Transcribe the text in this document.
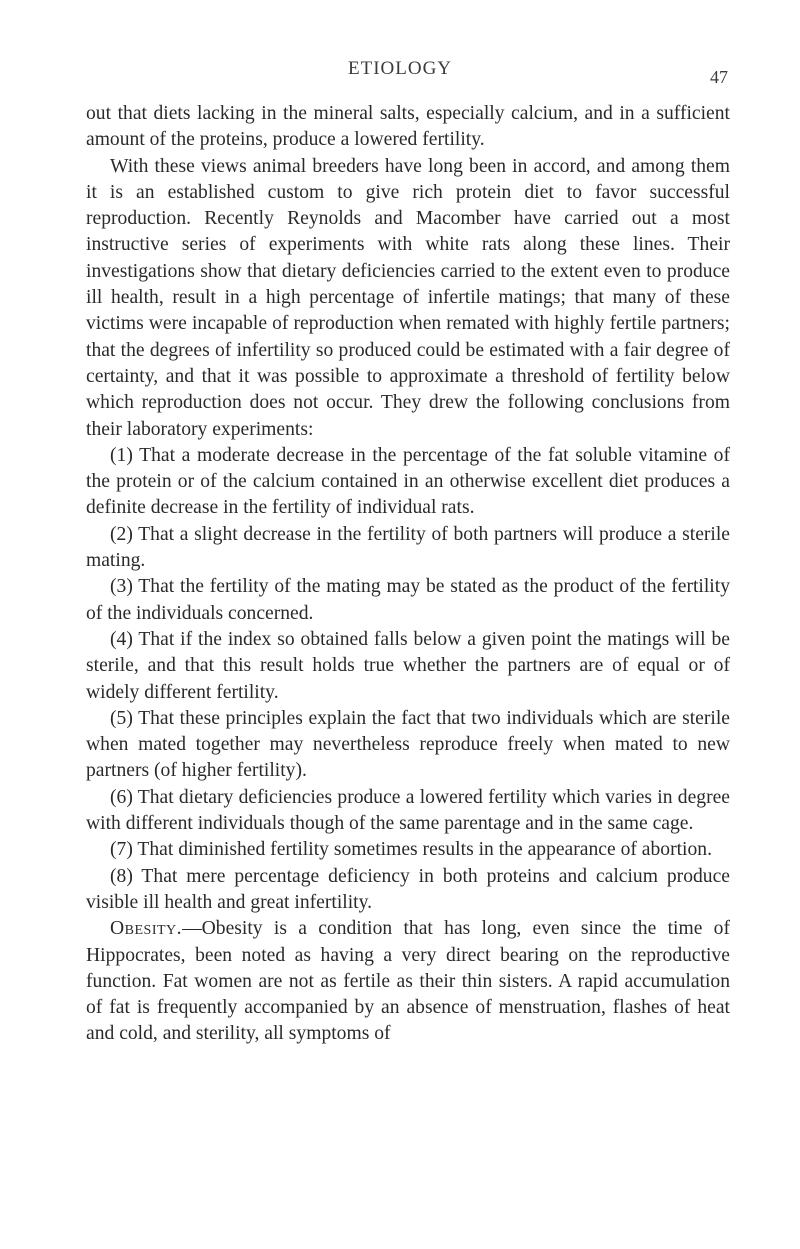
ETIOLOGY	47

out that diets lacking in the mineral salts, especially calcium, and in a sufficient amount of the proteins, produce a lowered fertility.

With these views animal breeders have long been in accord, and among them it is an established custom to give rich protein diet to favor successful reproduction. Recently Reynolds and Macomber have carried out a most instructive series of experiments with white rats along these lines. Their investigations show that dietary deficiencies carried to the extent even to produce ill health, result in a high percentage of infertile matings; that many of these victims were incapable of reproduction when remated with highly fertile partners; that the degrees of infertility so produced could be estimated with a fair degree of certainty, and that it was possible to approximate a threshold of fertility below which reproduction does not occur. They drew the following conclusions from their laboratory experiments:

(1) That a moderate decrease in the percentage of the fat soluble vitamine of the protein or of the calcium contained in an otherwise excellent diet produces a definite decrease in the fertility of individual rats.

(2) That a slight decrease in the fertility of both partners will produce a sterile mating.

(3) That the fertility of the mating may be stated as the product of the fertility of the individuals concerned.

(4) That if the index so obtained falls below a given point the matings will be sterile, and that this result holds true whether the partners are of equal or of widely different fertility.

(5) That these principles explain the fact that two individuals which are sterile when mated together may nevertheless reproduce freely when mated to new partners (of higher fertility).

(6) That dietary deficiencies produce a lowered fertility which varies in degree with different individuals though of the same parentage and in the same cage.

(7) That diminished fertility sometimes results in the appearance of abortion.

(8) That mere percentage deficiency in both proteins and calcium produce visible ill health and great infertility.

Obesity.—Obesity is a condition that has long, even since the time of Hippocrates, been noted as having a very direct bearing on the reproductive function. Fat women are not as fertile as their thin sisters. A rapid accumulation of fat is frequently accompanied by an absence of menstruation, flashes of heat and cold, and sterility, all symptoms of
